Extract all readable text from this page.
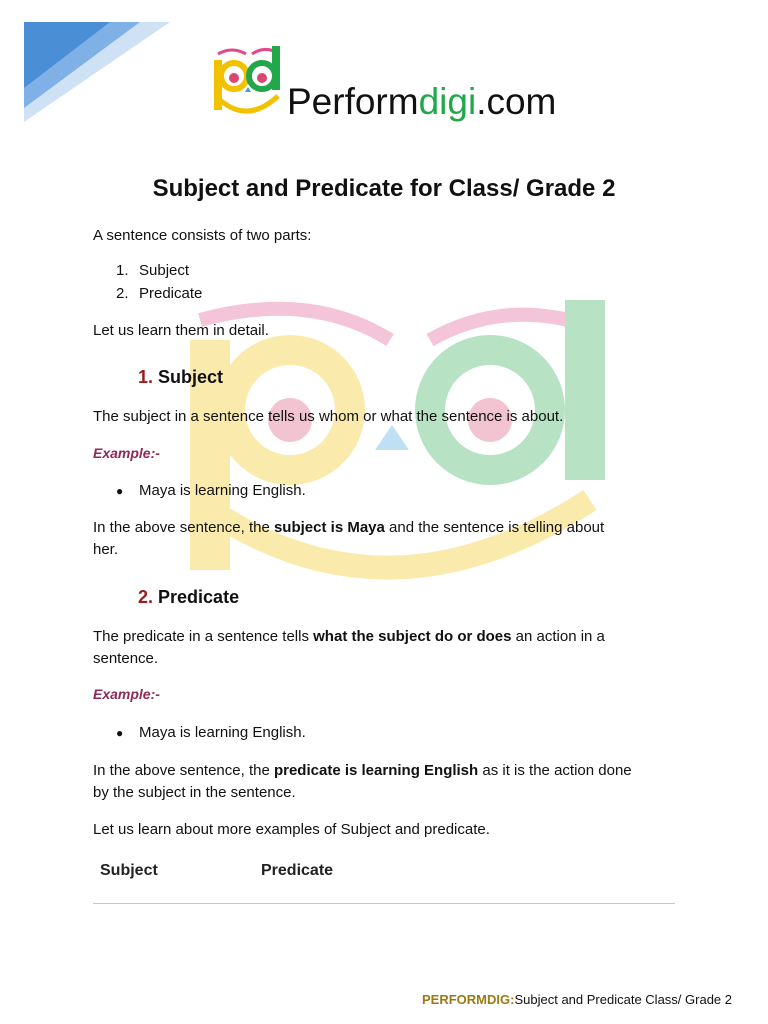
Performdigi.com
Subject and Predicate for Class/ Grade 2

A sentence consists of two parts:

1. Subject
2. Predicate

Let us learn them in detail.

1. Subject

The subject in a sentence tells us whom or what the sentence is about.

Example:-
● Maya is learning English.

In the above sentence, the subject is Maya and the sentence is telling about
her.

2. Predicate

The predicate in a sentence tells what the subject do or does an action in a
sentence.

Example:-
● Maya is learning English.

In the above sentence, the predicate is learning English as it is the action done
by the subject in the sentence.

Let us learn about more examples of Subject and predicate.

Subject	Predicate
PERFORMDIG:Subject and Predicate Class/ Grade 2
